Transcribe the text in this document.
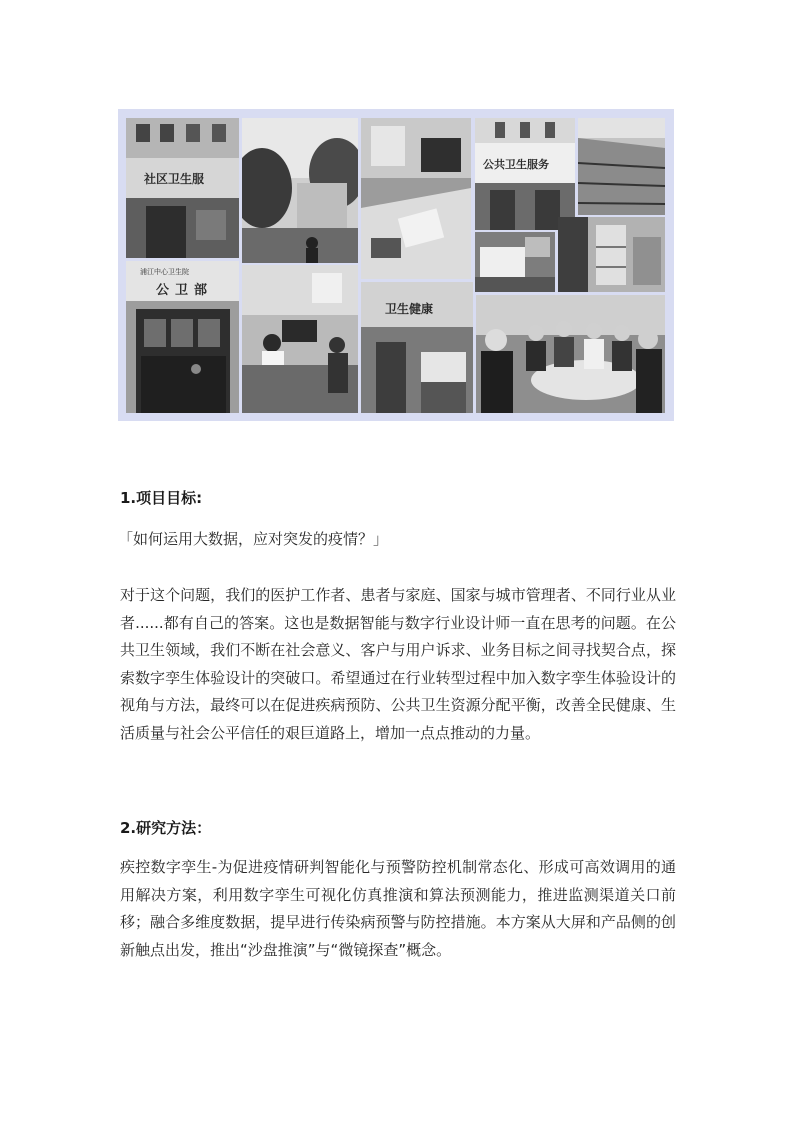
社区卫生服
公共卫生服务
浦江中心卫生院
公卫部
卫生健康
1.项目目标:

「如何运用大数据，应对突发的疫情？」

对于这个问题，我们的医护工作者、患者与家庭、国家与城市管理者、不同行业从业者......都有自己的答案。这也是数据智能与数字行业设计师一直在思考的问题。在公共卫生领域，我们不断在社会意义、客户与用户诉求、业务目标之间寻找契合点，探索数字孪生体验设计的突破口。希望通过在行业转型过程中加入数字孪生体验设计的视角与方法，最终可以在促进疾病预防、公共卫生资源分配平衡，改善全民健康、生活质量与社会公平信任的艰巨道路上，增加一点点推动的力量。

2.研究方法：

疾控数字孪生-为促进疫情研判智能化与预警防控机制常态化、形成可高效调用的通用解决方案，利用数字孪生可视化仿真推演和算法预测能力，推进监测渠道关口前移；融合多维度数据，提早进行传染病预警与防控措施。本方案从大屏和产品侧的创新触点出发，推出“沙盘推演”与“微镜探查”概念。
